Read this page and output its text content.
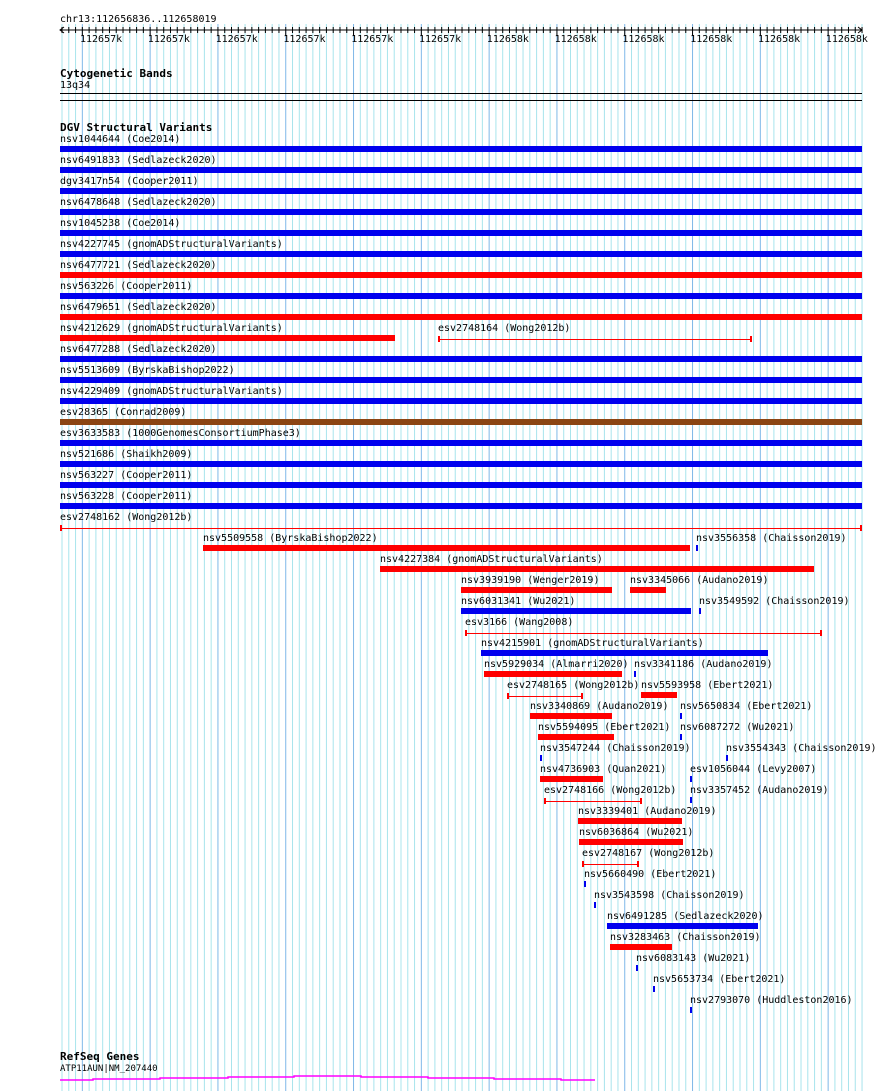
chr13:112656836..112658019
112657k	112657k	112657k	112657k	112657k	112657k	112658k	112658k	112658k	112658k	112658k	112658k
Cytogenetic Bands
13q34
DGV Structural Variants
nsv1044644 (Coe2014)
nsv6491833 (Sedlazeck2020)
dgv3417n54 (Cooper2011)
nsv6478648 (Sedlazeck2020)
nsv1045238 (Coe2014)
nsv4227745 (gnomADStructuralVariants)
nsv6477721 (Sedlazeck2020)
nsv563226 (Cooper2011)
nsv6479651 (Sedlazeck2020)
nsv4212629 (gnomADStructuralVariants)	esv2748164 (Wong2012b)
nsv6477288 (Sedlazeck2020)
nsv5513609 (ByrskaBishop2022)
nsv4229409 (gnomADStructuralVariants)
esv28365 (Conrad2009)
esv3633583 (1000GenomesConsortiumPhase3)
nsv521686 (Shaikh2009)
nsv563227 (Cooper2011)
nsv563228 (Cooper2011)
esv2748162 (Wong2012b)
nsv5509558 (ByrskaBishop2022)	nsv3556358 (Chaisson2019)
nsv4227384 (gnomADStructuralVariants)
nsv3939190 (Wenger2019)	nsv3345066 (Audano2019)
nsv6031341 (Wu2021)	nsv3549592 (Chaisson2019)
esv3166 (Wang2008)
nsv4215901 (gnomADStructuralVariants)
nsv5929034 (Almarri2020) nsv3341186 (Audano2019)
esv2748165 (Wong2012b) nsv5593958 (Ebert2021)
nsv3340869 (Audano2019) nsv5650834 (Ebert2021)
nsv5594095 (Ebert2021) nsv6087272 (Wu2021)
nsv3547244 (Chaisson2019)	nsv3554343 (Chaisson2019)
nsv4736903 (Quan2021) esv1056044 (Levy2007)
esv2748166 (Wong2012b) nsv3357452 (Audano2019)
nsv3339401 (Audano2019)
nsv6036864 (Wu2021)
esv2748167 (Wong2012b)
nsv5660490 (Ebert2021)
nsv3543598 (Chaisson2019)
nsv6491285 (Sedlazeck2020)
nsv3283463 (Chaisson2019)
nsv6083143 (Wu2021)
nsv5653734 (Ebert2021)
nsv2793070 (Huddleston2016)
RefSeq Genes
ATP11AUN|NM_207440
